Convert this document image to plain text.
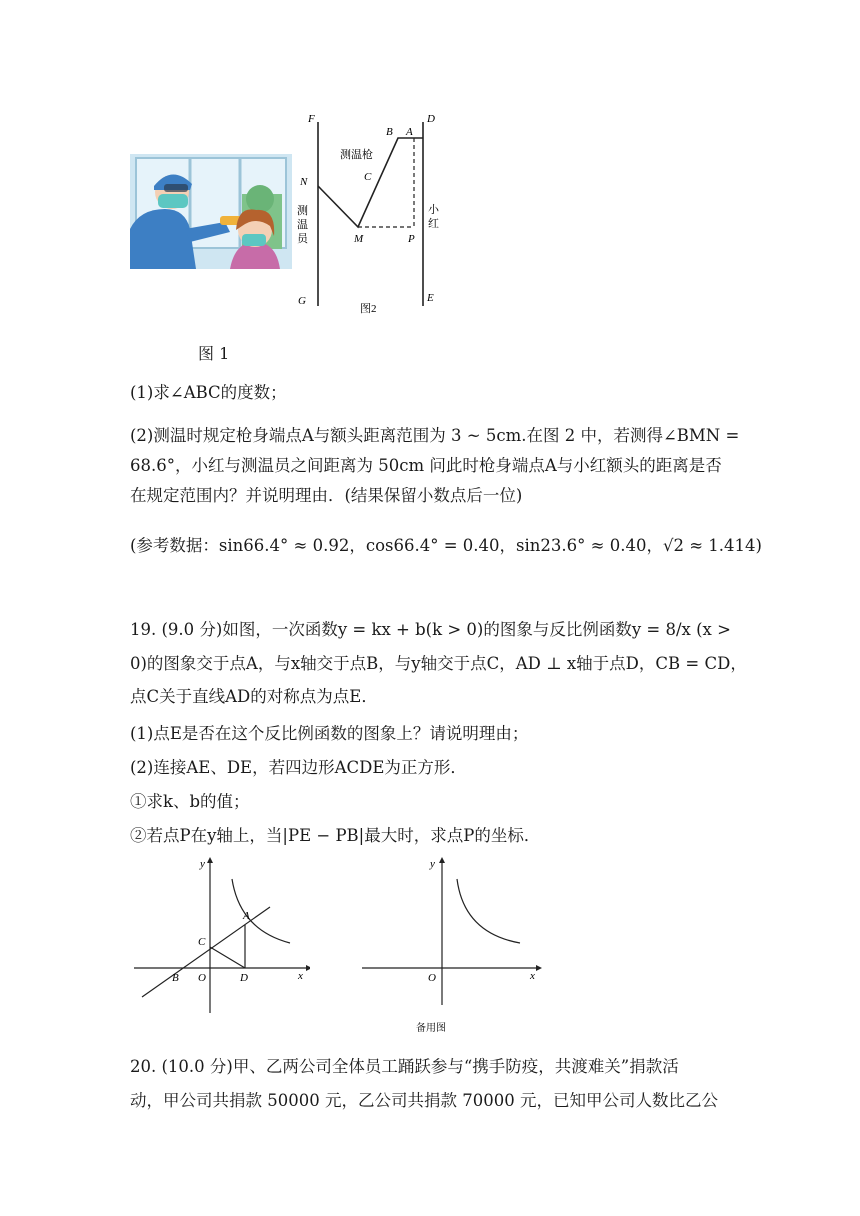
F
N
G
B A
D
C
M	P
E
测温枪
测
温
员
小
红
图2
图 1
(1)求∠ABC的度数；
(2)测温时规定枪身端点A与额头距离范围为 3 ~ 5cm.在图 2 中，若测得∠BMN =
68.6°，小红与测温员之间距离为 50cm 问此时枪身端点A与小红额头的距离是否
在规定范围内？并说明理由．(结果保留小数点后一位)
(参考数据：sin66.4° ≈ 0.92，cos66.4° = 0.40，sin23.6° ≈ 0.40，√2 ≈ 1.414)
19. (9.0 分)如图，一次函数y = kx + b(k > 0)的图象与反比例函数y = 8/x (x >
0)的图象交于点A，与x轴交于点B，与y轴交于点C，AD ⊥ x轴于点D，CB = CD，
点C关于直线AD的对称点为点E．
(1)点E是否在这个反比例函数的图象上？请说明理由；
(2)连接AE、DE，若四边形ACDE为正方形．
①求k、b的值；
②若点P在y轴上，当|PE − PB|最大时，求点P的坐标．
y
A
C
B O	D	x
y
O	x
备用图
20. (10.0 分)甲、乙两公司全体员工踊跃参与“携手防疫，共渡难关”捐款活
动，甲公司共捐款 50000 元，乙公司共捐款 70000 元，已知甲公司人数比乙公
